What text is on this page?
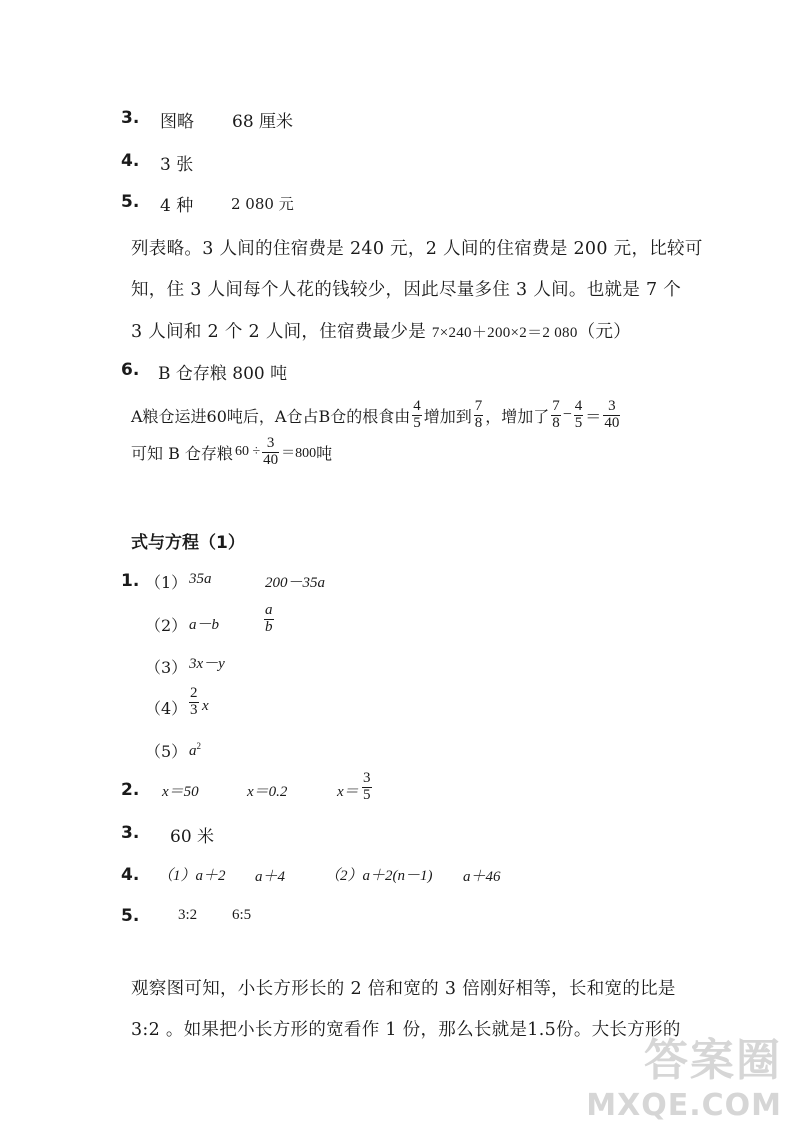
3. 图略 68 厘米
4. 3 张
5. 4 种	2 080 元
列表略。3 人间的住宿费是 240 元，2 人间的住宿费是 200 元，比较可
知，住 3 人间每个人花的钱较少，因此尽量多住 3 人间。也就是 7 个
3 人间和 2 个 2 人间，住宿费最少是 7×240＋200×2＝2 080（元）
6. B 仓存粮 800 吨
A粮仓运进60吨后，A仓占B仓的根食由 $\frac{4}{5}$ 增加到 $\frac{7}{8}$ ，增加了 $\frac{7}{8} - \frac{4}{5} = \frac{3}{40}$
可知 B 仓存粮 $60 \div \frac{3}{40} =800$ 吨
式与方程（1）
1. （1） 35a	200－35a
（2） a－b	$\frac{a}{b}$
（3） 3x－y
$(4) \frac{2}{3}$ x
（5） $a^2$
2. x＝50	x＝0.2	$x= \frac{3}{5}$
3. 60 米
4. （1）a＋2 a＋4	（2）a＋2(n－1) a＋46
5.	3:2 6:5
观察图可知，小长方形长的 2 倍和宽的 3 倍刚好相等，长和宽的比是
3:2 。如果把小长方形的宽看作 1 份，那么长就是1.5份。大长方形的
答案圈
MXQE.COM
